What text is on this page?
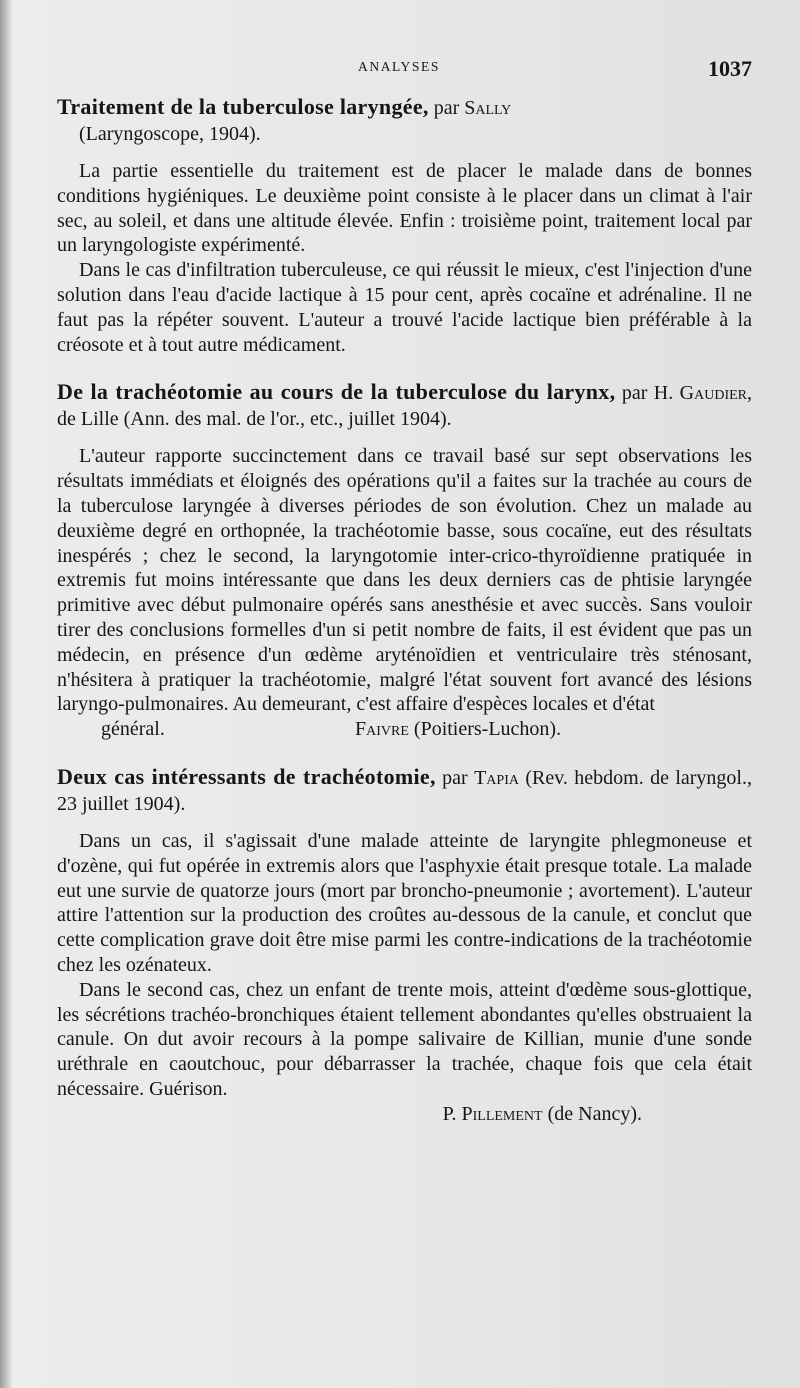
ANALYSES	1037
Traitement de la tuberculose laryngée, par Sally
(Laryngoscope, 1904).

La partie essentielle du traitement est de placer le malade dans de bonnes conditions hygiéniques. Le deuxième point consiste à le placer dans un climat à l'air sec, au soleil, et dans une altitude élevée. Enfin : troisième point, traitement local par un laryngologiste expérimenté.

Dans le cas d'infiltration tuberculeuse, ce qui réussit le mieux, c'est l'injection d'une solution dans l'eau d'acide lactique à 15 pour cent, après cocaïne et adrénaline. Il ne faut pas la répéter souvent. L'auteur a trouvé l'acide lactique bien préférable à la créosote et à tout autre médicament.

De la trachéotomie au cours de la tuberculose du larynx, par H. Gaudier, de Lille (Ann. des mal. de l'or., etc., juillet 1904).

L'auteur rapporte succinctement dans ce travail basé sur sept observations les résultats immédiats et éloignés des opérations qu'il a faites sur la trachée au cours de la tuberculose laryngée à diverses périodes de son évolution. Chez un malade au deuxième degré en orthopnée, la trachéotomie basse, sous cocaïne, eut des résultats inespérés ; chez le second, la laryngotomie inter-crico-thyroïdienne pratiquée in extremis fut moins intéressante que dans les deux derniers cas de phtisie laryngée primitive avec début pulmonaire opérés sans anesthésie et avec succès. Sans vouloir tirer des conclusions formelles d'un si petit nombre de faits, il est évident que pas un médecin, en présence d'un œdème aryténoïdien et ventriculaire très sténosant, n'hésitera à pratiquer la trachéotomie, malgré l'état souvent fort avancé des lésions laryngo-pulmonaires. Au demeurant, c'est affaire d'espèces locales et d'état

général.	Faivre (Poitiers-Luchon).

Deux cas intéressants de trachéotomie, par Tapia (Rev. hebdom. de laryngol., 23 juillet 1904).

Dans un cas, il s'agissait d'une malade atteinte de laryngite phlegmoneuse et d'ozène, qui fut opérée in extremis alors que l'asphyxie était presque totale. La malade eut une survie de quatorze jours (mort par broncho-pneumonie ; avortement). L'auteur attire l'attention sur la production des croûtes au-dessous de la canule, et conclut que cette complication grave doit être mise parmi les contre-indications de la trachéotomie chez les ozénateux.

Dans le second cas, chez un enfant de trente mois, atteint d'œdème sous-glottique, les sécrétions trachéo-bronchiques étaient tellement abondantes qu'elles obstruaient la canule. On dut avoir recours à la pompe salivaire de Killian, munie d'une sonde uréthrale en caoutchouc, pour débarrasser la trachée, chaque fois que cela était nécessaire. Guérison.

P. Pillement (de Nancy).
